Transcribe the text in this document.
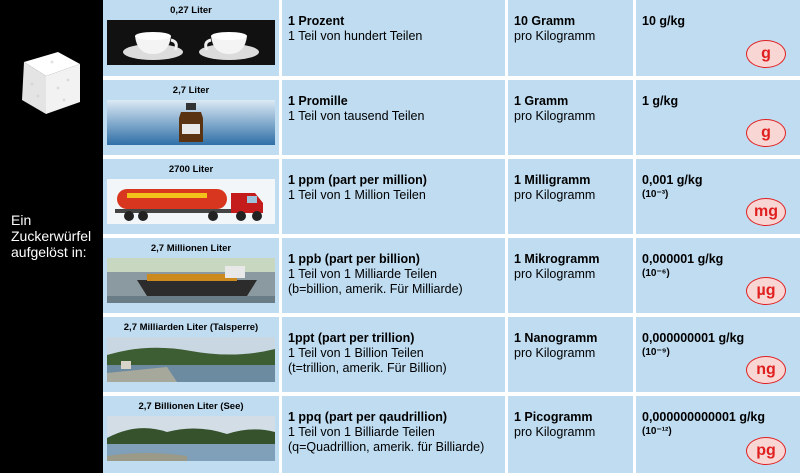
Ein
Zuckerwürfel
aufgelöst in:
0,27 Liter
1 Prozent
1 Teil von hundert Teilen
10 Gramm
pro Kilogramm
10 g/kg
g
2,7 Liter
1 Promille
1 Teil von tausend Teilen
1 Gramm
pro Kilogramm
1 g/kg
g
2700 Liter
1 ppm (part per million)
1 Teil von 1 Million Teilen
1 Milligramm
pro Kilogramm
0,001 g/kg
(10⁻³)
mg
2,7 Millionen Liter
1 ppb (part per billion)
1 Teil von 1 Milliarde Teilen
(b=billion, amerik. Für Milliarde)
1 Mikrogramm
pro Kilogramm
0,000001 g/kg
(10⁻⁶)
µg
2,7 Milliarden Liter (Talsperre)
1ppt (part per trillion)
1 Teil von 1 Billion Teilen
(t=trillion, amerik. Für Billion)
1 Nanogramm
pro Kilogramm
0,000000001 g/kg
(10⁻⁹)
ng
2,7 Billionen Liter (See)
1 ppq (part per qaudrillion)
1 Teil von 1 Billiarde Teilen
(q=Quadrillion, amerik. für Billiarde)
1 Picogramm
pro Kilogramm
0,000000000001 g/kg
(10⁻¹²)
pg
